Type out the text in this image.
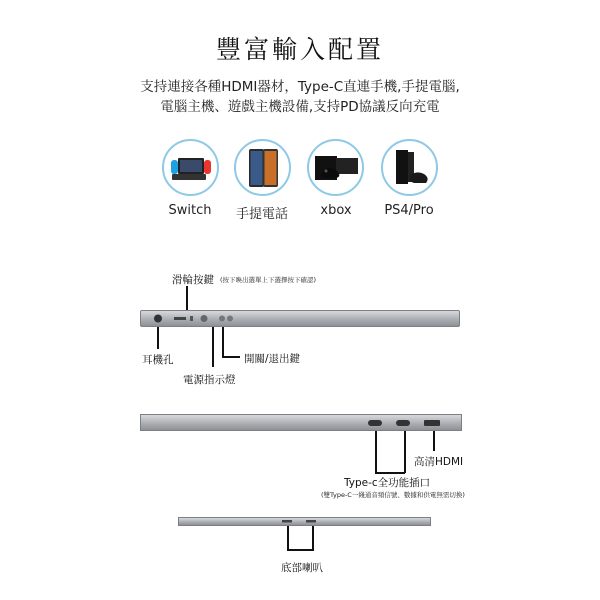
豐富輸入配置
支持連接各種HDMI器材，Type-C直連手機,手提電腦,
電腦主機、遊戲主機設備,支持PD協議反向充電
Switch	手提電話	xbox	PS4/Pro
滑輪按鍵 (按下喚出選單上下選擇按下確認)
耳機孔
電源指示燈
開關/退出鍵
Type-c全功能插口
(雙Type-C一綫通音頻信號、數據和供電無需切換)
高清HDMI
底部喇叭
